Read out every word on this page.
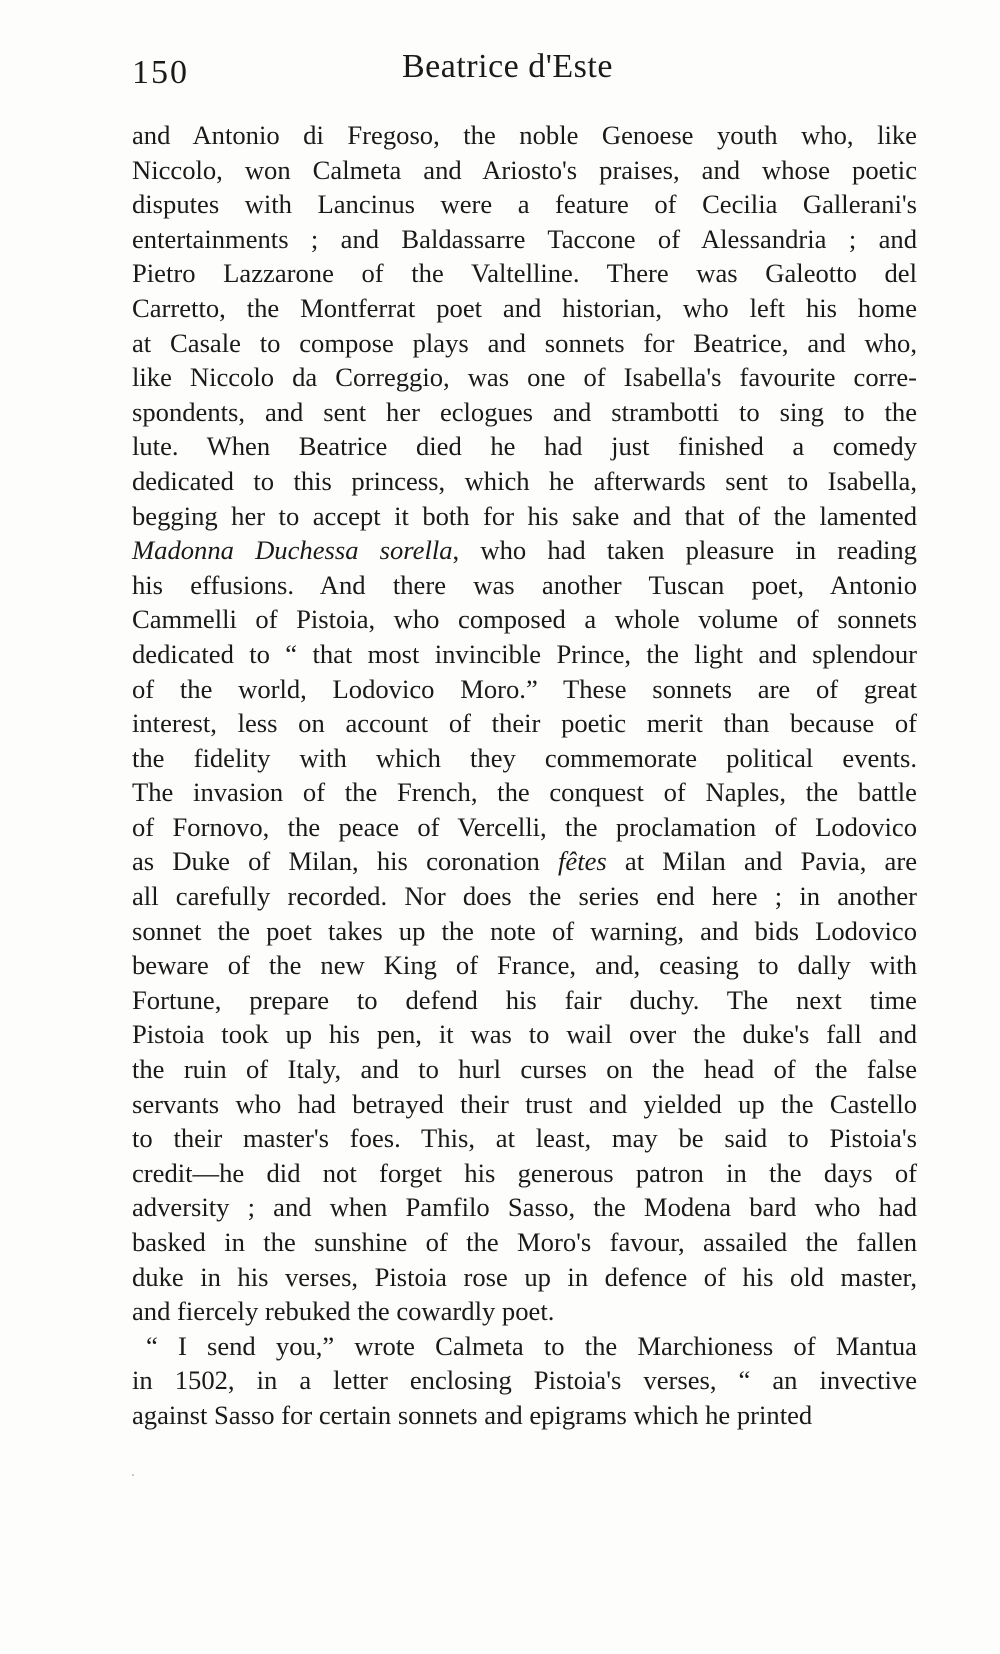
150	Beatrice d'Este
and Antonio di Fregoso, the noble Genoese youth who, like
Niccolo, won Calmeta and Ariosto's praises, and whose poetic
disputes with Lancinus were a feature of Cecilia Gallerani's
entertainments ; and Baldassarre Taccone of Alessandria ; and
Pietro Lazzarone of the Valtelline. There was Galeotto del
Carretto, the Montferrat poet and historian, who left his home
at Casale to compose plays and sonnets for Beatrice, and who,
like Niccolo da Correggio, was one of Isabella's favourite corre-
spondents, and sent her eclogues and strambotti to sing to the
lute. When Beatrice died he had just finished a comedy
dedicated to this princess, which he afterwards sent to Isabella,
begging her to accept it both for his sake and that of the lamented
Madonna Duchessa sorella, who had taken pleasure in reading
his effusions. And there was another Tuscan poet, Antonio
Cammelli of Pistoia, who composed a whole volume of sonnets
dedicated to “ that most invincible Prince, the light and splendour
of the world, Lodovico Moro.” These sonnets are of great
interest, less on account of their poetic merit than because of
the fidelity with which they commemorate political events.
The invasion of the French, the conquest of Naples, the battle
of Fornovo, the peace of Vercelli, the proclamation of Lodovico
as Duke of Milan, his coronation fêtes at Milan and Pavia, are
all carefully recorded. Nor does the series end here ; in another
sonnet the poet takes up the note of warning, and bids Lodovico
beware of the new King of France, and, ceasing to dally with
Fortune, prepare to defend his fair duchy. The next time
Pistoia took up his pen, it was to wail over the duke's fall and
the ruin of Italy, and to hurl curses on the head of the false
servants who had betrayed their trust and yielded up the Castello
to their master's foes. This, at least, may be said to Pistoia's
credit—he did not forget his generous patron in the days of
adversity ; and when Pamfilo Sasso, the Modena bard who had
basked in the sunshine of the Moro's favour, assailed the fallen
duke in his verses, Pistoia rose up in defence of his old master,
and fiercely rebuked the cowardly poet.
“ I send you,” wrote Calmeta to the Marchioness of Mantua
in 1502, in a letter enclosing Pistoia's verses, “ an invective
against Sasso for certain sonnets and epigrams which he printed
